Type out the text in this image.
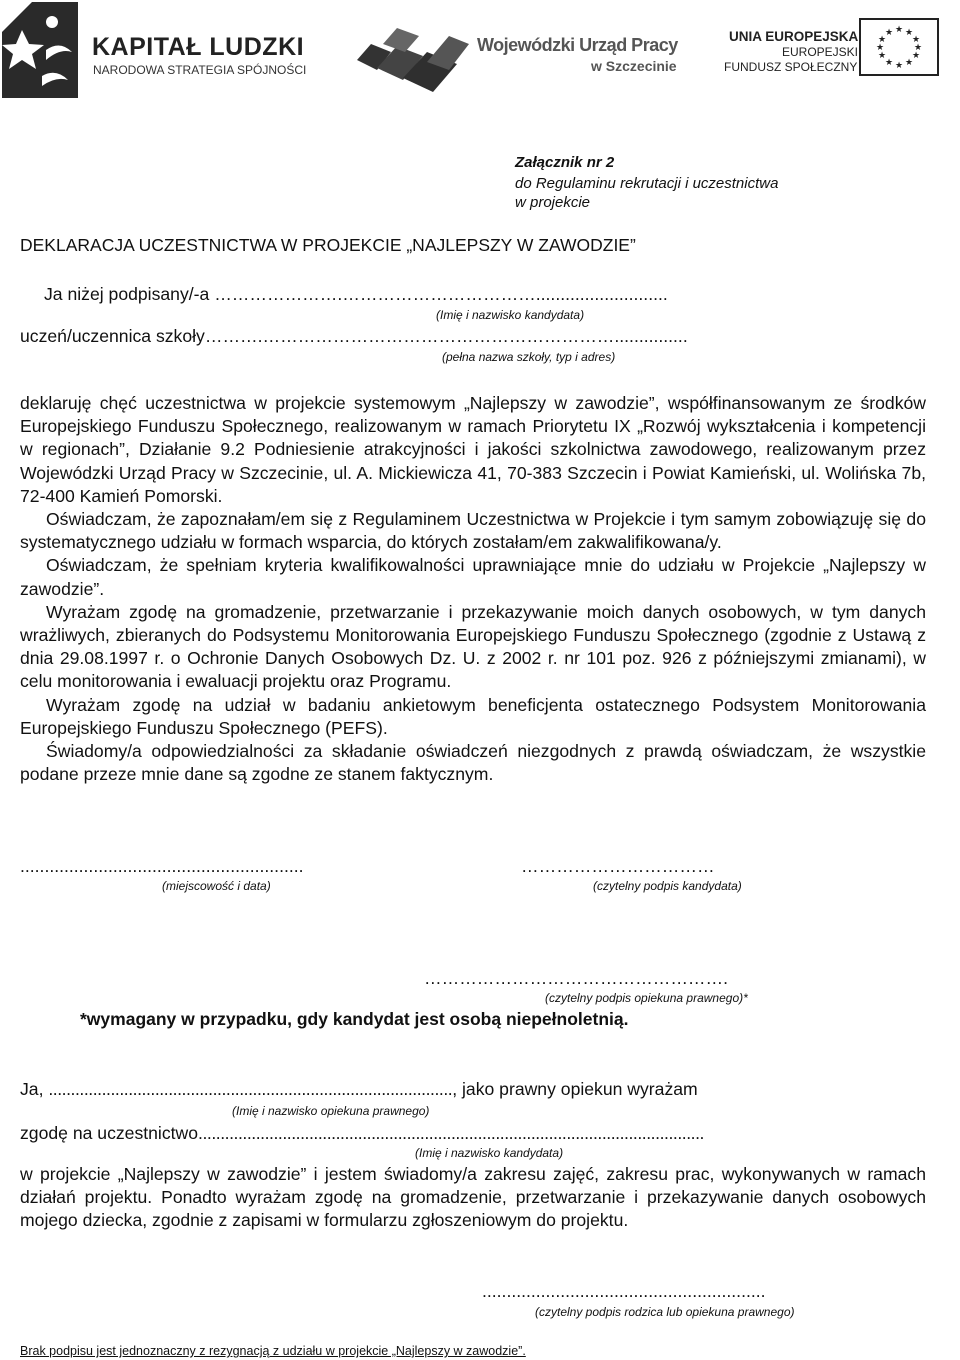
KAPITAŁ LUDZKI
NARODOWA STRATEGIA SPÓJNOŚCI
Wojewódzki Urząd Pracy
w Szczecinie
UNIA EUROPEJSKA
EUROPEJSKI
FUNDUSZ SPOŁECZNY
★ ★
★
★
★
★
★
★
★
★
★
★
Załącznik nr 2
do Regulaminu rekrutacji i uczestnictwa
w projekcie
DEKLARACJA UCZESTNICTWA W PROJEKCIE „NAJLEPSZY W ZAWODZIE”
Ja niżej podpisany/-a ………………….……………………………...........................
(Imię i nazwisko kandydata)
uczeń/uczennica szkoły……….……………………………………………………...............
(pełna nazwa szkoły, typ i adres)

deklaruję chęć uczestnictwa w projekcie systemowym „Najlepszy w zawodzie”, współfinansowanym ze środków Europejskiego Funduszu Społecznego, realizowanym w ramach Priorytetu IX „Rozwój wykształcenia i kompetencji w regionach”, Działanie 9.2 Podniesienie atrakcyjności i jakości szkolnictwa zawodowego, realizowanym przez Wojewódzki Urząd Pracy w Szczecinie, ul. A. Mickiewicza 41, 70-383 Szczecin i Powiat Kamieński, ul. Wolińska 7b, 72-400 Kamień Pomorski.

Oświadczam, że zapoznałam/em się z Regulaminem Uczestnictwa w Projekcie i tym samym zobowiązuję się do systematycznego udziału w formach wsparcia, do których zostałam/em zakwalifikowana/y.

Oświadczam, że spełniam kryteria kwalifikowalności uprawniające mnie do udziału w Projekcie „Najlepszy w zawodzie”.

Wyrażam zgodę na gromadzenie, przetwarzanie i przekazywanie moich danych osobowych, w tym danych wrażliwych, zbieranych do Podsystemu Monitorowania Europejskiego Funduszu Społecznego (zgodnie z Ustawą z dnia 29.08.1997 r. o Ochronie Danych Osobowych Dz. U. z 2002 r. nr 101 poz. 926 z późniejszymi zmianami), w celu monitorowania i ewaluacji projektu oraz Programu.

Wyrażam zgodę na udział w badaniu ankietowym beneficjenta ostatecznego Podsystem Monitorowania Europejskiego Funduszu Społecznego (PEFS).

Świadomy/a odpowiedzialności za składanie oświadczeń niezgodnych z prawdą oświadczam, że wszystkie podane przeze mnie dane są zgodne ze stanem faktycznym.

..........................................................
(miejscowość i data)
……………………………
(czytelny podpis kandydata)
…………………………………………….
(czytelny podpis opiekuna prawnego)*
*wymagany w przypadku, gdy kandydat jest osobą niepełnoletnią.
Ja, ..........................................................................................., jako prawny opiekun wyrażam
(Imię i nazwisko opiekuna prawnego)
zgodę na uczestnictwo..................................................................................................................
(Imię i nazwisko kandydata)
w projekcie „Najlepszy w zawodzie” i jestem świadomy/a zakresu zajęć, zakresu prac, wykonywanych w ramach działań projektu. Ponadto wyrażam zgodę na gromadzenie, przetwarzanie i przekazywanie danych osobowych mojego dziecka, zgodnie z zapisami w formularzu zgłoszeniowym do projektu.
..........................................................
(czytelny podpis rodzica lub opiekuna prawnego)
Brak podpisu jest jednoznaczny z rezygnacją z udziału w projekcie „Najlepszy w zawodzie”.
